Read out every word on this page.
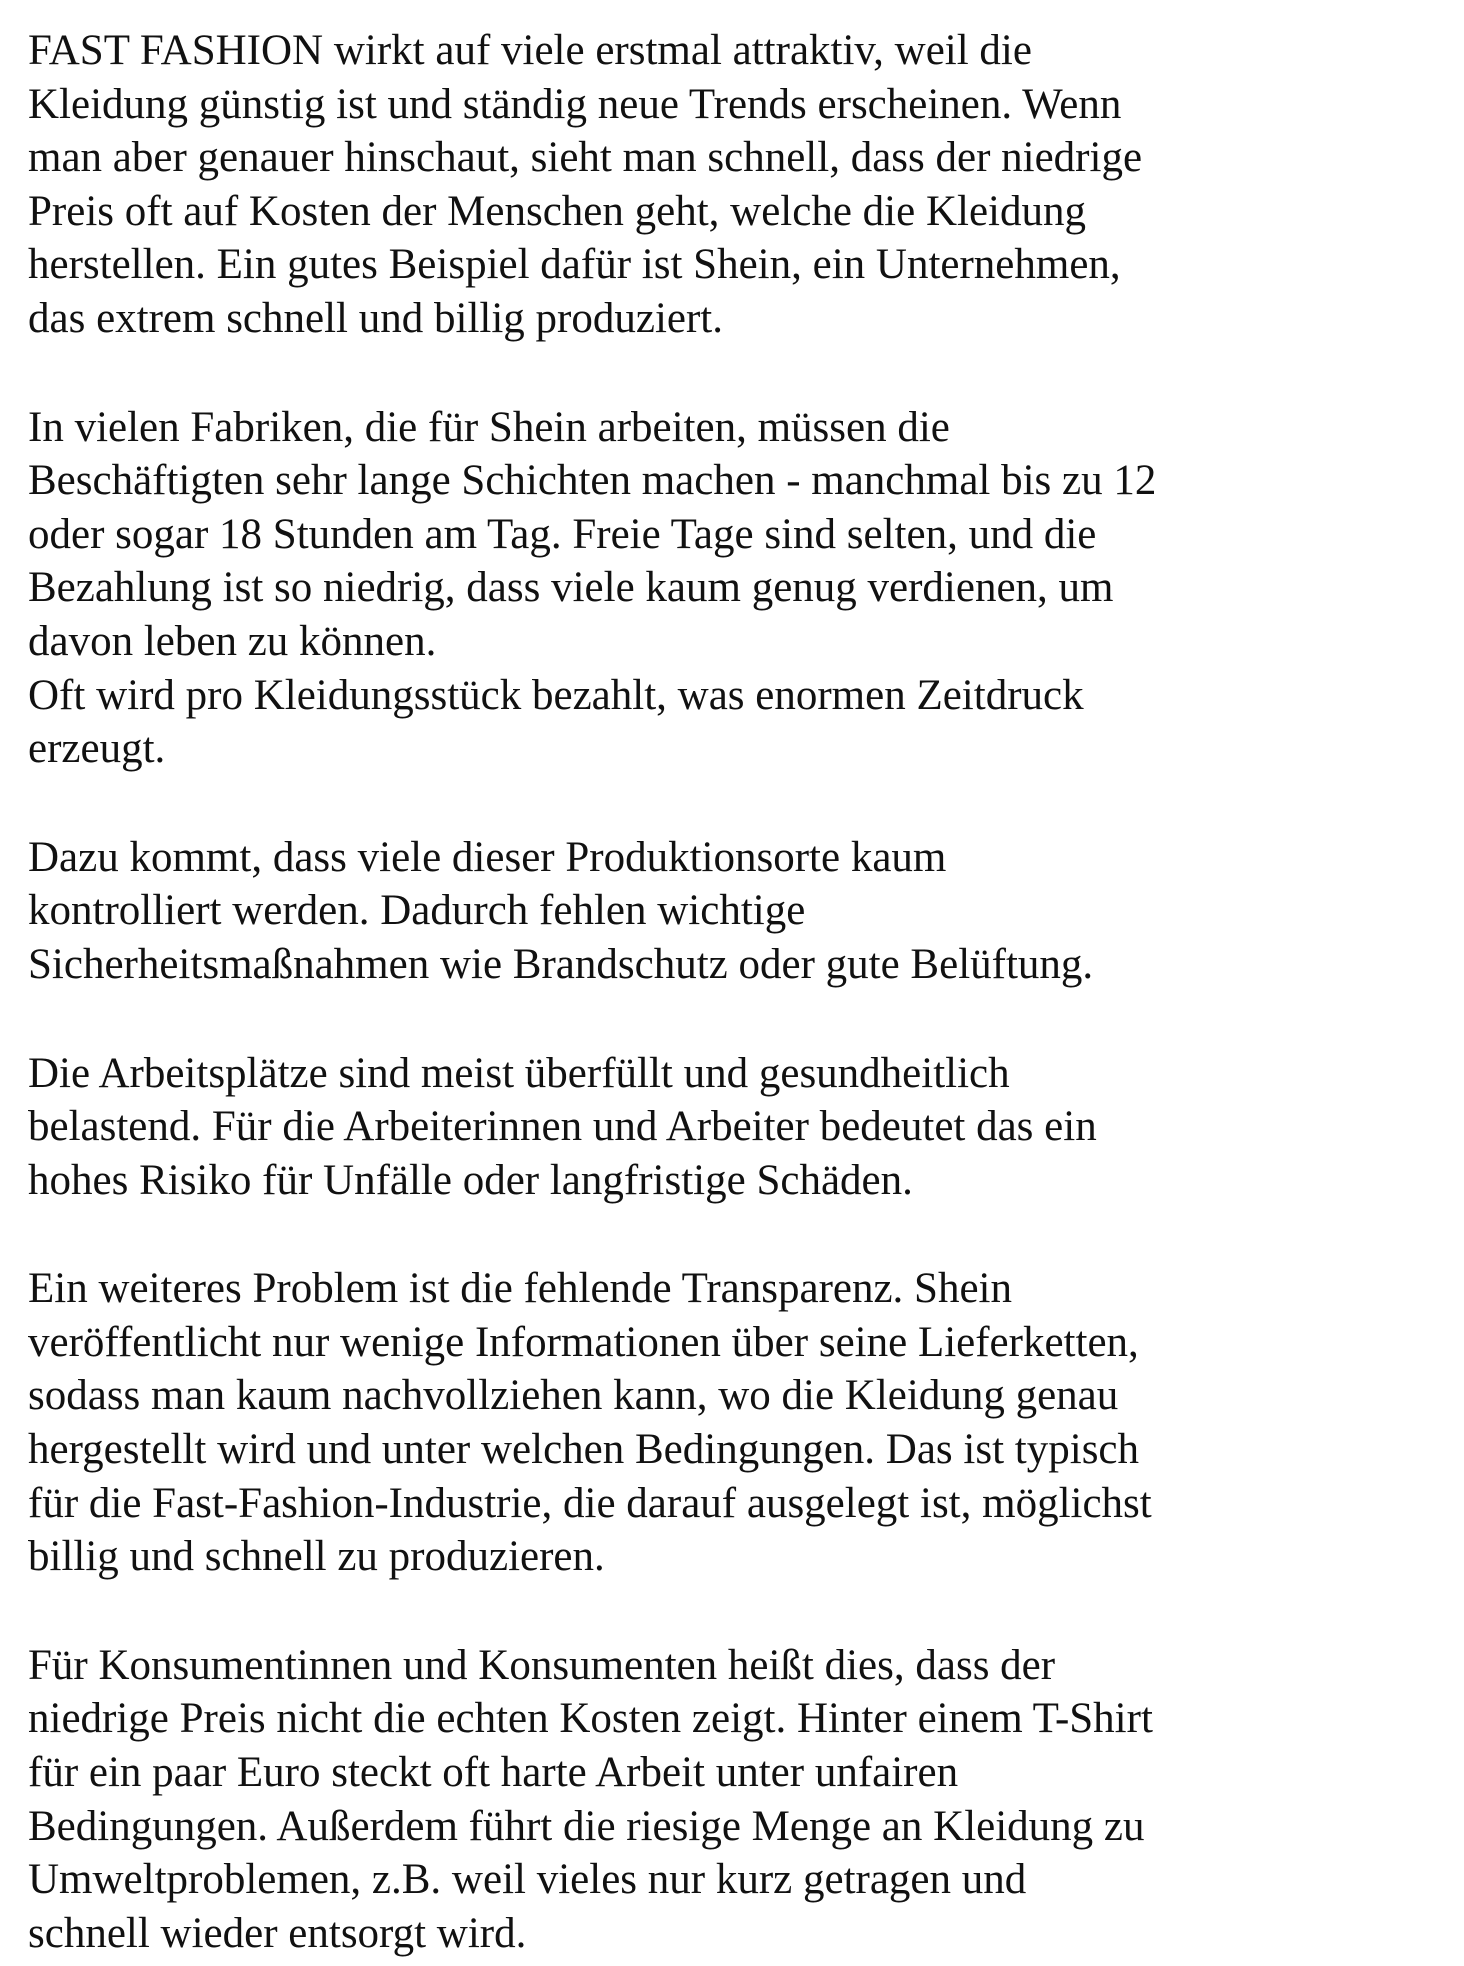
FAST FASHION wirkt auf viele erstmal attraktiv, weil die
Kleidung günstig ist und ständig neue Trends erscheinen. Wenn
man aber genauer hinschaut, sieht man schnell, dass der niedrige
Preis oft auf Kosten der Menschen geht, welche die Kleidung
herstellen. Ein gutes Beispiel dafür ist Shein, ein Unternehmen,
das extrem schnell und billig produziert.

In vielen Fabriken, die für Shein arbeiten, müssen die
Beschäftigten sehr lange Schichten machen - manchmal bis zu 12
oder sogar 18 Stunden am Tag. Freie Tage sind selten, und die
Bezahlung ist so niedrig, dass viele kaum genug verdienen, um
davon leben zu können.
Oft wird pro Kleidungsstück bezahlt, was enormen Zeitdruck
erzeugt.

Dazu kommt, dass viele dieser Produktionsorte kaum
kontrolliert werden. Dadurch fehlen wichtige
Sicherheitsmaßnahmen wie Brandschutz oder gute Belüftung.

Die Arbeitsplätze sind meist überfüllt und gesundheitlich
belastend. Für die Arbeiterinnen und Arbeiter bedeutet das ein
hohes Risiko für Unfälle oder langfristige Schäden.

Ein weiteres Problem ist die fehlende Transparenz. Shein
veröffentlicht nur wenige Informationen über seine Lieferketten,
sodass man kaum nachvollziehen kann, wo die Kleidung genau
hergestellt wird und unter welchen Bedingungen. Das ist typisch
für die Fast-Fashion-Industrie, die darauf ausgelegt ist, möglichst
billig und schnell zu produzieren.

Für Konsumentinnen und Konsumenten heißt dies, dass der
niedrige Preis nicht die echten Kosten zeigt. Hinter einem T-Shirt
für ein paar Euro steckt oft harte Arbeit unter unfairen
Bedingungen. Außerdem führt die riesige Menge an Kleidung zu
Umweltproblemen, z.B. weil vieles nur kurz getragen und
schnell wieder entsorgt wird.
